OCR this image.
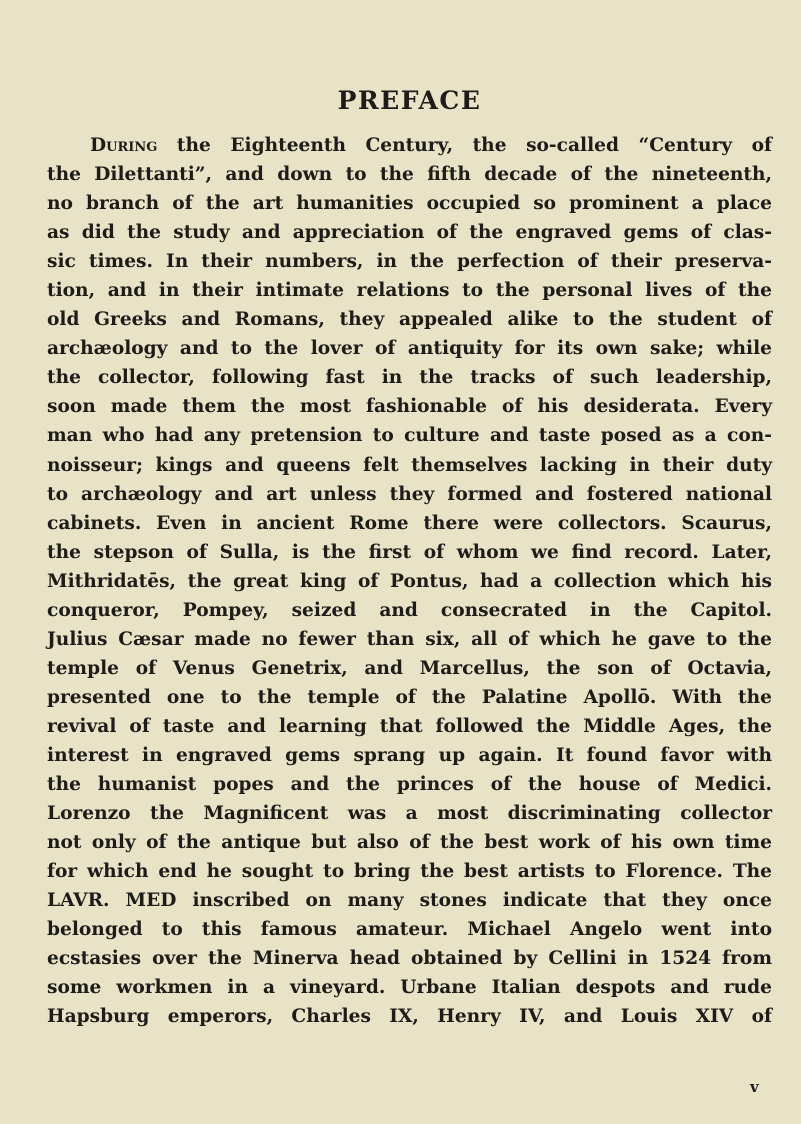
PREFACE
During the Eighteenth Century, the so-called “Century of
the Dilettanti”, and down to the fifth decade of the nineteenth,
no branch of the art humanities occupied so prominent a place
as did the study and appreciation of the engraved gems of clas-
sic times. In their numbers, in the perfection of their preserva-
tion, and in their intimate relations to the personal lives of the
old Greeks and Romans, they appealed alike to the student of
archæology and to the lover of antiquity for its own sake; while
the collector, following fast in the tracks of such leadership,
soon made them the most fashionable of his desiderata. Every
man who had any pretension to culture and taste posed as a con-
noisseur; kings and queens felt themselves lacking in their duty
to archæology and art unless they formed and fostered national
cabinets. Even in ancient Rome there were collectors. Scaurus,
the stepson of Sulla, is the first of whom we find record. Later,
Mithridatēs, the great king of Pontus, had a collection which his
conqueror, Pompey, seized and consecrated in the Capitol.
Julius Cæsar made no fewer than six, all of which he gave to the
temple of Venus Genetrix, and Marcellus, the son of Octavia,
presented one to the temple of the Palatine Apollō. With the
revival of taste and learning that followed the Middle Ages, the
interest in engraved gems sprang up again. It found favor with
the humanist popes and the princes of the house of Medici.
Lorenzo the Magnificent was a most discriminating collector
not only of the antique but also of the best work of his own time
for which end he sought to bring the best artists to Florence. The
LAVR. MED inscribed on many stones indicate that they once
belonged to this famous amateur. Michael Angelo went into
ecstasies over the Minerva head obtained by Cellini in 1524 from
some workmen in a vineyard. Urbane Italian despots and rude
Hapsburg emperors, Charles IX, Henry IV, and Louis XIV of
v
